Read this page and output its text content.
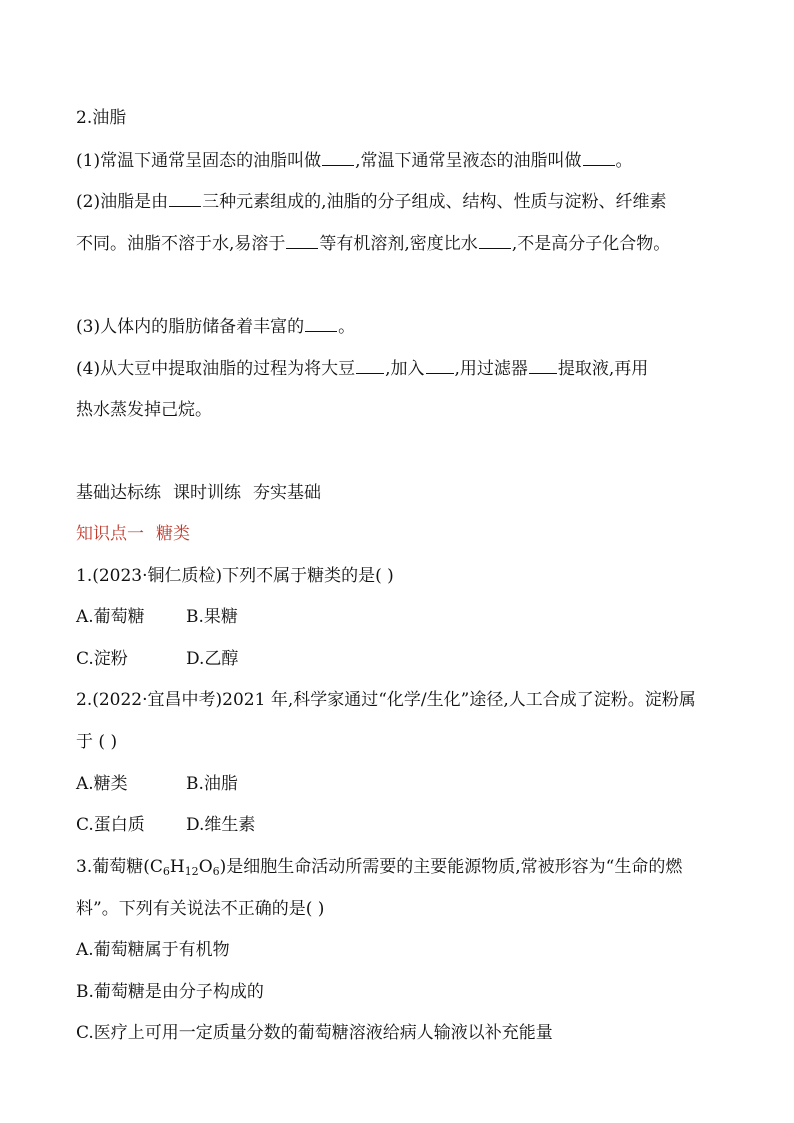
2.油脂
(1)常温下通常呈固态的油脂叫做 ,常温下通常呈液态的油脂叫做 。
(2)油脂是由 三种元素组成的,油脂的分子组成、结构、性质与淀粉、纤维素
不同。油脂不溶于水,易溶于 等有机溶剂,密度比水 ,不是高分子化合物。
(3)人体内的脂肪储备着丰富的 。
(4)从大豆中提取油脂的过程为将大豆 ,加入 ,用过滤器 提取液,再用
热水蒸发掉己烷。
基础达标练 课时训练 夯实基础
知识点一 糖类
1.(2023·铜仁质检)下列不属于糖类的是( )
A.葡萄糖 B.果糖
C.淀粉	D.乙醇
2.(2022·宜昌中考)2021 年,科学家通过“化学/生化”途径,人工合成了淀粉。淀粉属
于 ( )
A.糖类	B.油脂
C.蛋白质 D.维生素
3.葡萄糖$(C_6H_{12}O_6)$是细胞生命活动所需要的主要能源物质,常被形容为“生命的燃
料”。下列有关说法不正确的是( )
A.葡萄糖属于有机物
B.葡萄糖是由分子构成的
C.医疗上可用一定质量分数的葡萄糖溶液给病人输液以补充能量
